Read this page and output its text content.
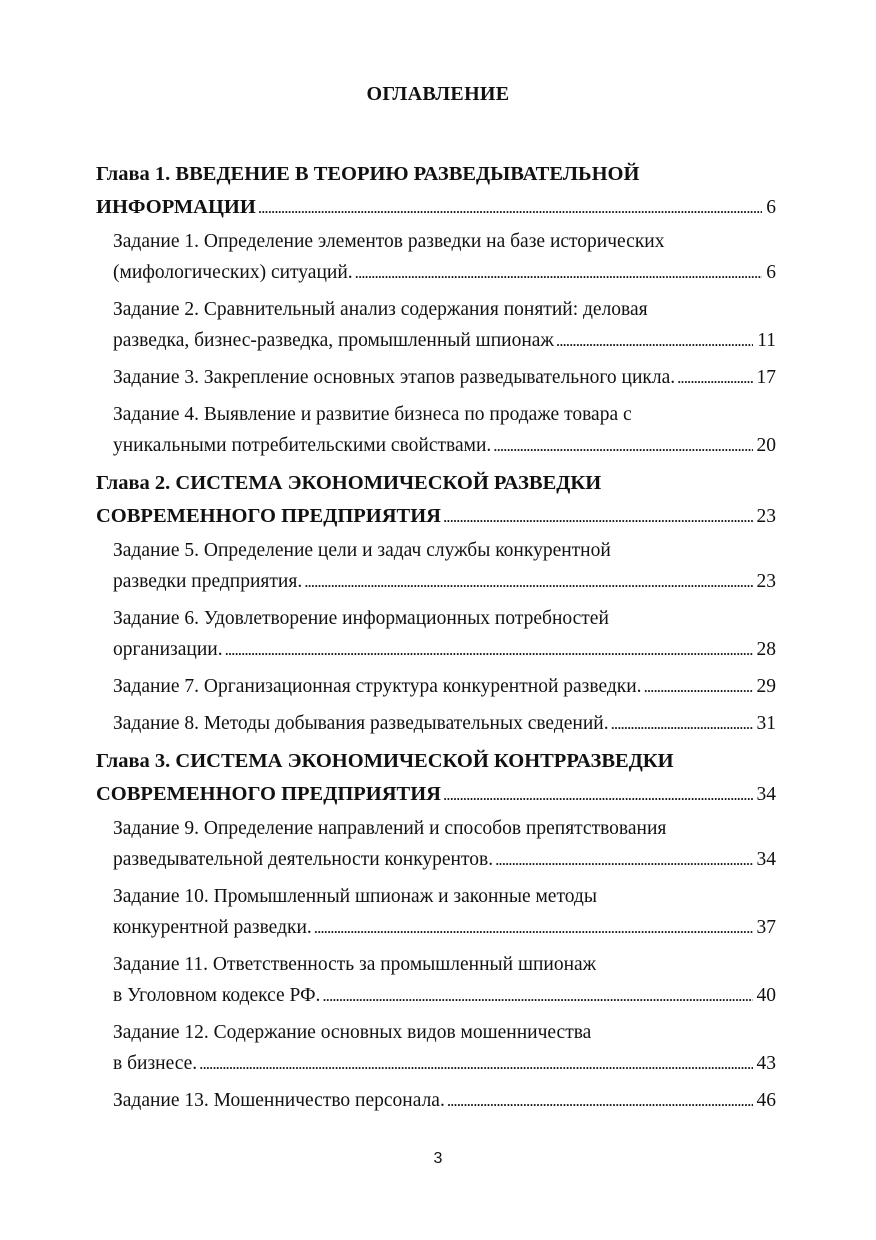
ОГЛАВЛЕНИЕ
Глава 1. ВВЕДЕНИЕ В ТЕОРИЮ РАЗВЕДЫВАТЕЛЬНОЙ
ИНФОРМАЦИИ . . .	6
Задание 1. Определение элементов разведки на базе исторических
(мифологических) ситуаций. . . .	6
Задание 2. Сравнительный анализ содержания понятий: деловая
разведка, бизнес-разведка, промышленный шпионаж . . .	11
Задание 3. Закрепление основных этапов разведывательного цикла. . . .	17
Задание 4. Выявление и развитие бизнеса по продаже товара с
уникальными потребительскими свойствами. . . .	20
Глава 2. СИСТЕМА ЭКОНОМИЧЕСКОЙ РАЗВЕДКИ
СОВРЕМЕННОГО ПРЕДПРИЯТИЯ . . .	23
Задание 5. Определение цели и задач службы конкурентной
разведки предприятия. . . .	23
Задание 6. Удовлетворение информационных потребностей
организации. . . .	28
Задание 7. Организационная структура конкурентной разведки. . . .	29
Задание 8. Методы добывания разведывательных сведений. . . .	31
Глава 3. СИСТЕМА ЭКОНОМИЧЕСКОЙ КОНТРРАЗВЕДКИ
СОВРЕМЕННОГО ПРЕДПРИЯТИЯ . . .	34
Задание 9. Определение направлений и способов препятствования
разведывательной деятельности конкурентов. . . .	34
Задание 10. Промышленный шпионаж и законные методы
конкурентной разведки. . . .	37
Задание 11. Ответственность за промышленный шпионаж
в Уголовном кодексе РФ. . . .	40
Задание 12. Содержание основных видов мошенничества
в бизнесе. . . .	43
Задание 13. Мошенничество персонала. . . .	46
3
